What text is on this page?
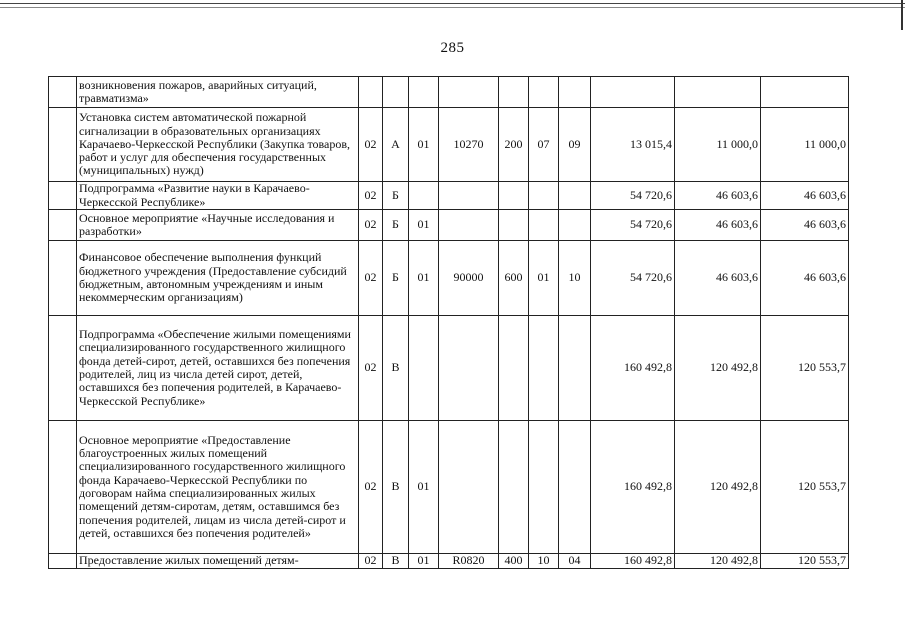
285
	возникновения пожаров, аварийных ситуаций, травматизма»										
	Установка систем автоматической пожарной сигнализации в образовательных организациях Карачаево-Черкесской Республики (Закупка товаров, работ и услуг для обеспечения государственных (муниципальных) нужд)	02	А	01	10270	200	07	09	13 015,4	11 000,0	11 000,0
	Подпрограмма «Развитие науки в Карачаево-Черкесской Республике»	02	Б						54 720,6	46 603,6	46 603,6
	Основное мероприятие «Научные исследования и разработки»	02	Б	01					54 720,6	46 603,6	46 603,6
	Финансовое обеспечение выполнения функций бюджетного учреждения (Предоставление субсидий бюджетным, автономным учреждениям и иным некоммерческим организациям)	02	Б	01	90000	600	01	10	54 720,6	46 603,6	46 603,6
	Подпрограмма «Обеспечение жилыми помещениями специализированного государственного жилищного фонда детей-сирот, детей, оставшихся без попечения родителей, лиц из числа детей сирот, детей, оставшихся без попечения родителей, в Карачаево-Черкесской Республике»	02	В						160 492,8	120 492,8	120 553,7
	Основное мероприятие «Предоставление благоустроенных жилых помещений специализированного государственного жилищного фонда Карачаево-Черкесской Республики по договорам найма специализированных жилых помещений детям-сиротам, детям, оставшимся без попечения родителей, лицам из числа детей-сирот и детей, оставшихся без попечения родителей»	02	В	01					160 492,8	120 492,8	120 553,7
	Предоставление жилых помещений детям-	02	В	01	R0820	400	10	04	160 492,8	120 492,8	120 553,7
